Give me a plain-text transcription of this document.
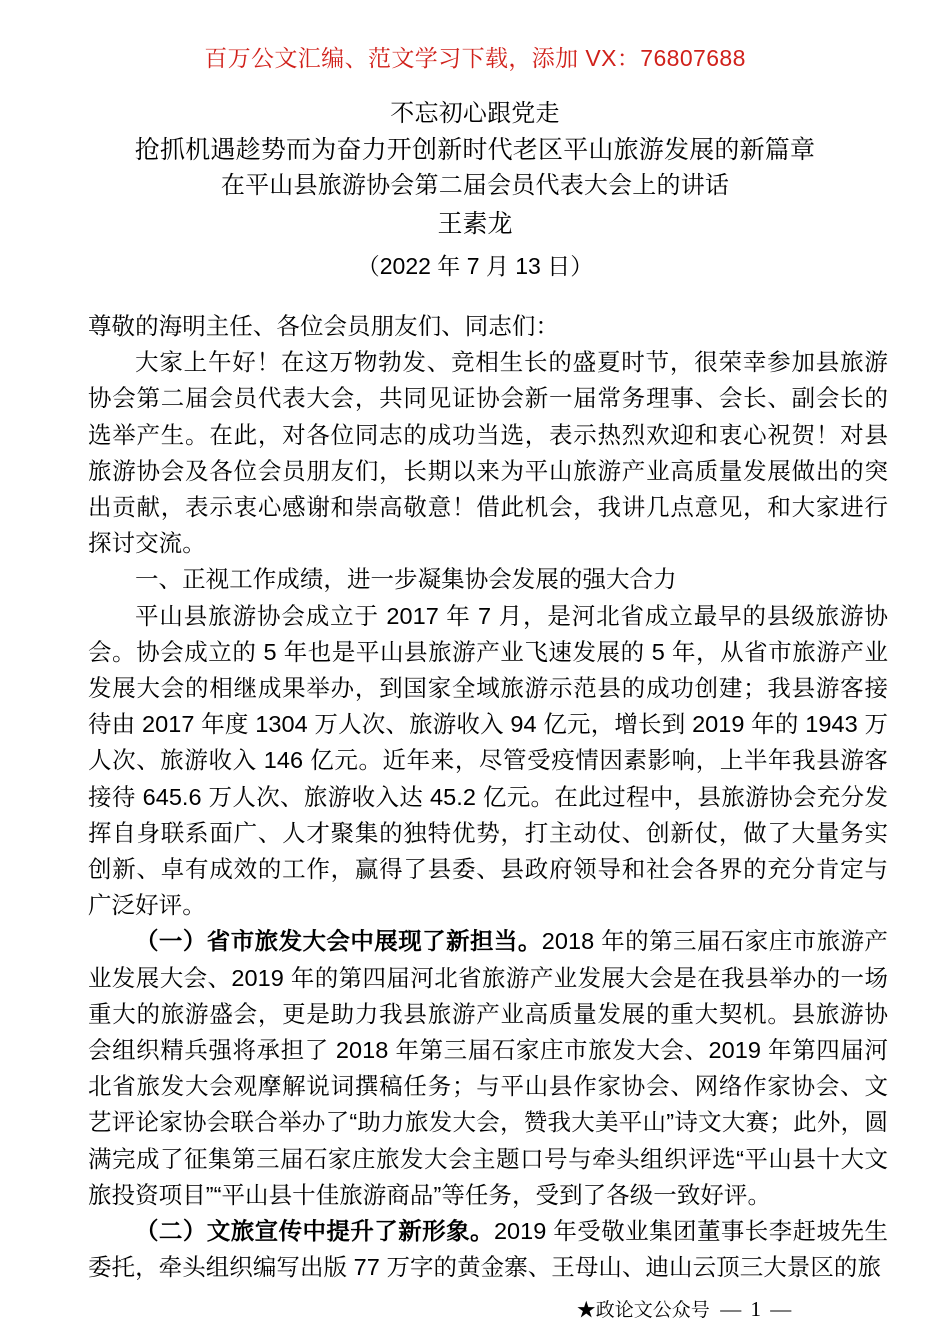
百万公文汇编、范文学习下载，添加 VX：76807688
不忘初心跟党走
抢抓机遇趁势而为奋力开创新时代老区平山旅游发展的新篇章
在平山县旅游协会第二届会员代表大会上的讲话
王素龙
（2022 年 7 月 13 日）

尊敬的海明主任、各位会员朋友们、同志们：

大家上午好！在这万物勃发、竞相生长的盛夏时节，很荣幸参加县旅游协会第二届会员代表大会，共同见证协会新一届常务理事、会长、副会长的选举产生。在此，对各位同志的成功当选，表示热烈欢迎和衷心祝贺！对县旅游协会及各位会员朋友们，长期以来为平山旅游产业高质量发展做出的突出贡献，表示衷心感谢和崇高敬意！借此机会，我讲几点意见，和大家进行探讨交流。

一、正视工作成绩，进一步凝集协会发展的强大合力

平山县旅游协会成立于 2017 年 7 月，是河北省成立最早的县级旅游协会。协会成立的 5 年也是平山县旅游产业飞速发展的 5 年，从省市旅游产业发展大会的相继成果举办，到国家全域旅游示范县的成功创建；我县游客接待由 2017 年度 1304 万人次、旅游收入 94 亿元，增长到 2019 年的 1943 万人次、旅游收入 146 亿元。近年来，尽管受疫情因素影响，上半年我县游客接待 645.6 万人次、旅游收入达 45.2 亿元。在此过程中，县旅游协会充分发挥自身联系面广、人才聚集的独特优势，打主动仗、创新仗，做了大量务实创新、卓有成效的工作，赢得了县委、县政府领导和社会各界的充分肯定与广泛好评。

（一）省市旅发大会中展现了新担当。2018 年的第三届石家庄市旅游产业发展大会、2019 年的第四届河北省旅游产业发展大会是在我县举办的一场重大的旅游盛会，更是助力我县旅游产业高质量发展的重大契机。县旅游协会组织精兵强将承担了 2018 年第三届石家庄市旅发大会、2019 年第四届河北省旅发大会观摩解说词撰稿任务；与平山县作家协会、网络作家协会、文艺评论家协会联合举办了“助力旅发大会，赞我大美平山”诗文大赛；此外，圆满完成了征集第三届石家庄旅发大会主题口号与牵头组织评选“平山县十大文旅投资项目”“平山县十佳旅游商品”等任务，受到了各级一致好评。

（二）文旅宣传中提升了新形象。2019 年受敬业集团董事长李赶坡先生委托，牵头组织编写出版 77 万字的黄金寨、王母山、迪山云顶三大景区的旅

★政论文公众号 — 1 —
